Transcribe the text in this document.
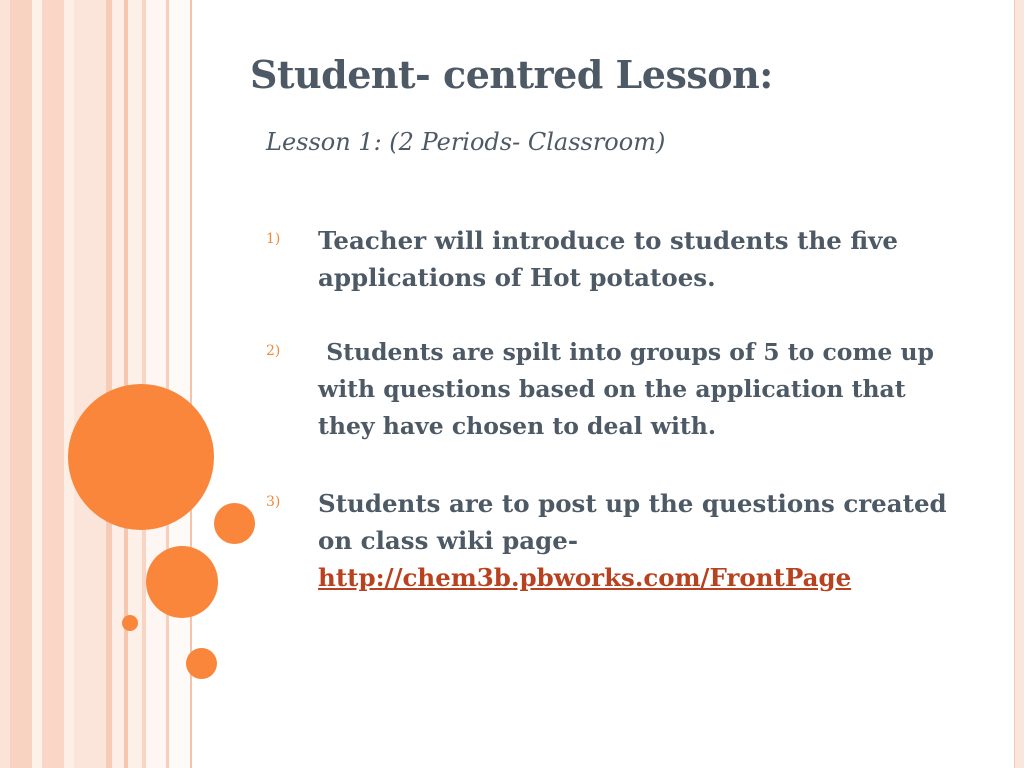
Student- centred Lesson:
Lesson 1: (2 Periods- Classroom)
1) Teacher will introduce to students the five applications of Hot potatoes.
2) Students are spilt into groups of 5 to come up with questions based on the application that they have chosen to deal with.
3) Students are to post up the questions created on class wiki page-
http://chem3b.pbworks.com/FrontPage
